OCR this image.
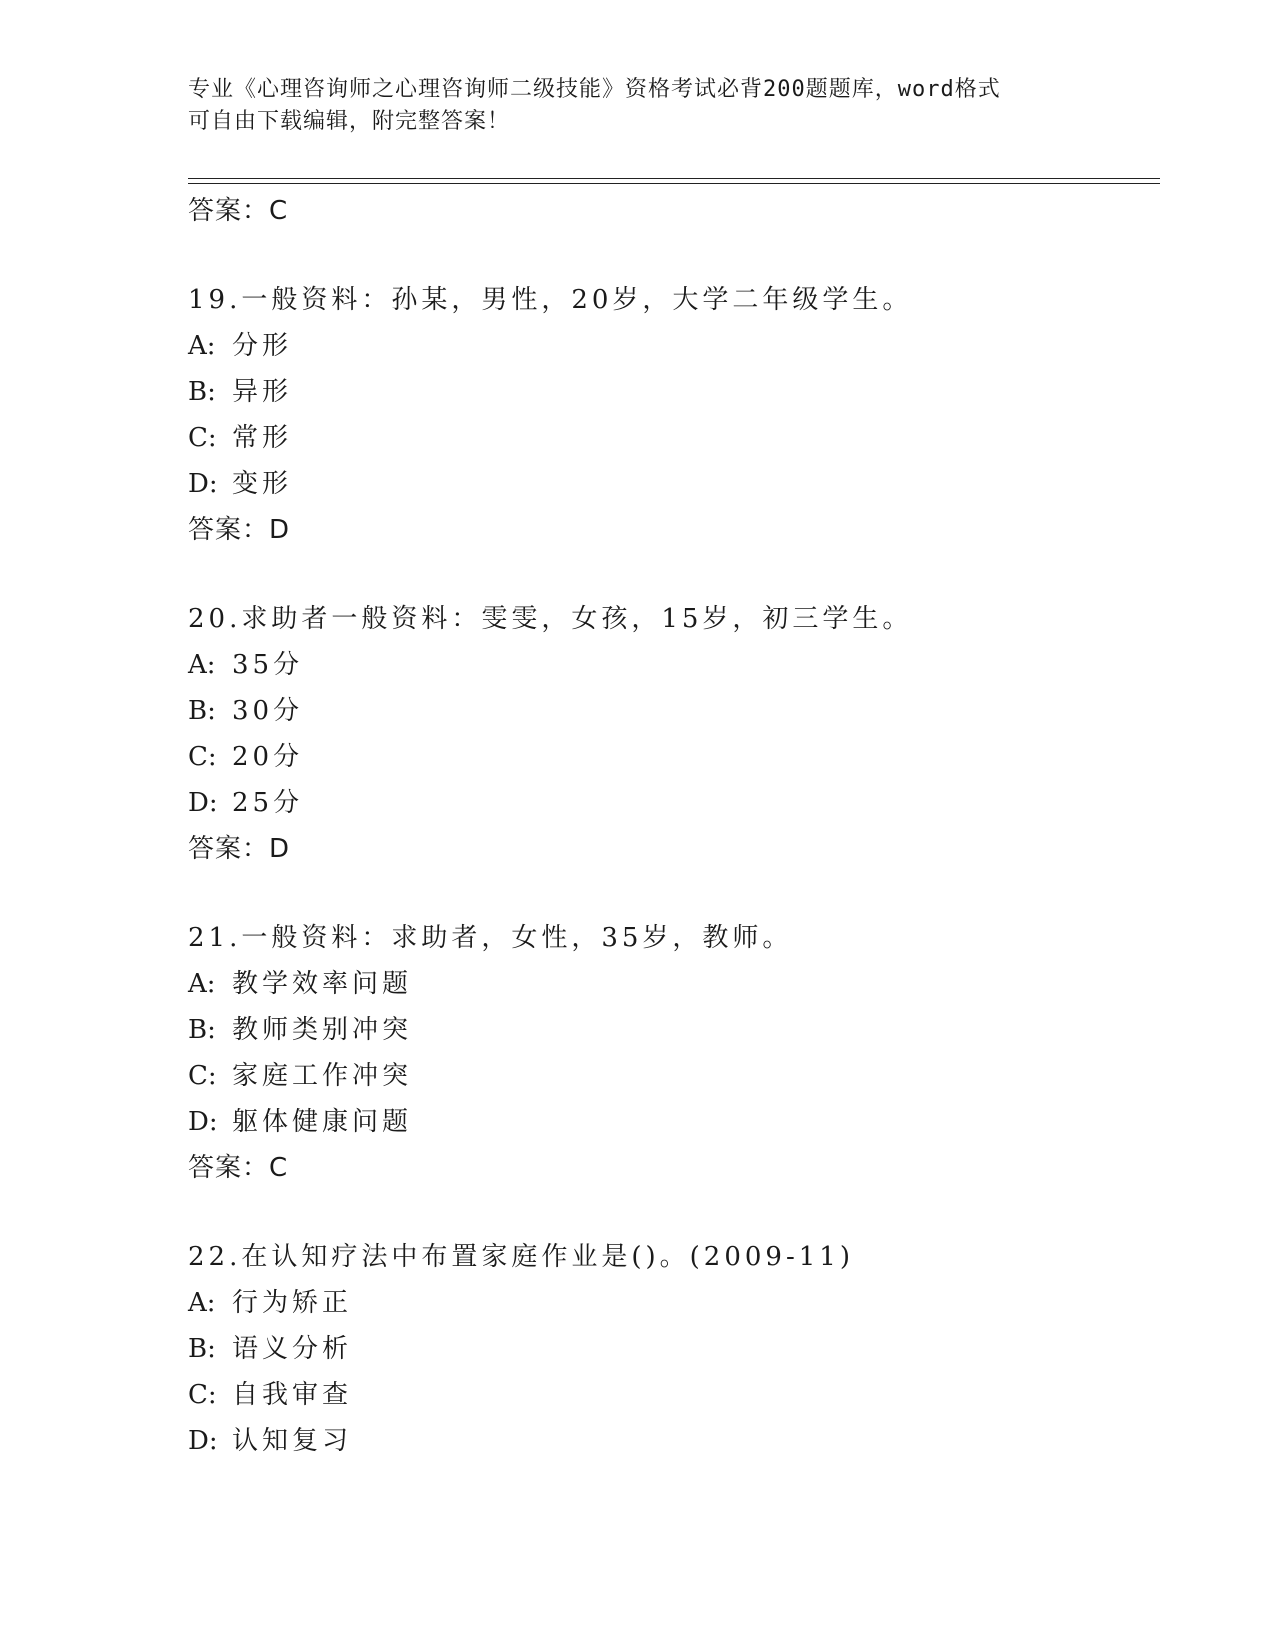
专业《心理咨询师之心理咨询师二级技能》资格考试必背200题题库，word格式
可自由下载编辑，附完整答案！
答案：C
19.一般资料：孙某，男性，20岁，大学二年级学生。
A: 分形
B: 异形
C: 常形
D: 变形
答案：D
20.求助者一般资料：雯雯，女孩，15岁，初三学生。
A: 35分
B: 30分
C: 20分
D: 25分
答案：D
21.一般资料：求助者，女性，35岁，教师。
A: 教学效率问题
B: 教师类别冲突
C: 家庭工作冲突
D: 躯体健康问题
答案：C
22.在认知疗法中布置家庭作业是()。(2009-11)
A: 行为矫正
B: 语义分析
C: 自我审查
D: 认知复习
